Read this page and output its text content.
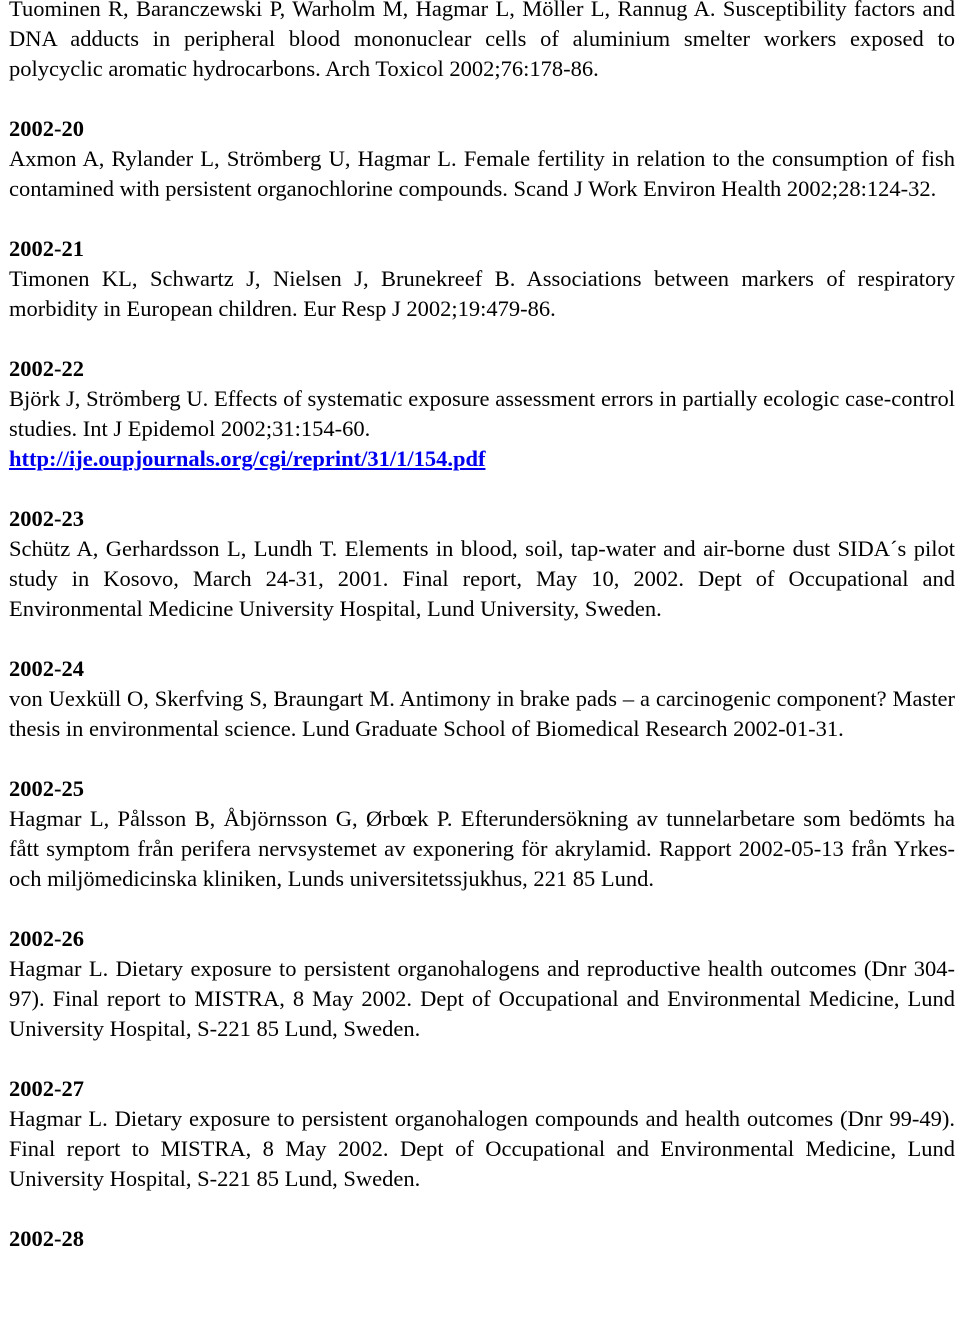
Tuominen R, Baranczewski P, Warholm M, Hagmar L, Möller L, Rannug A. Susceptibility factors and DNA adducts in peripheral blood mononuclear cells of aluminium smelter workers exposed to polycyclic aromatic hydrocarbons. Arch Toxicol 2002;76:178-86.

2002-20

Axmon A, Rylander L, Strömberg U, Hagmar L. Female fertility in relation to the consumption of fish contamined with persistent organochlorine compounds. Scand J Work Environ Health 2002;28:124-32.

2002-21

Timonen KL, Schwartz J, Nielsen J, Brunekreef B. Associations between markers of respiratory morbidity in European children. Eur Resp J 2002;19:479-86.

2002-22

Björk J, Strömberg U. Effects of systematic exposure assessment errors in partially ecologic case-control studies. Int J Epidemol 2002;31:154-60.
http://ije.oupjournals.org/cgi/reprint/31/1/154.pdf

2002-23

Schütz A, Gerhardsson L, Lundh T. Elements in blood, soil, tap-water and air-borne dust SIDA´s pilot study in Kosovo, March 24-31, 2001. Final report, May 10, 2002. Dept of Occupational and Environmental Medicine University Hospital, Lund University, Sweden.

2002-24

von Uexküll O, Skerfving S, Braungart M. Antimony in brake pads – a carcinogenic component? Master thesis in environmental science. Lund Graduate School of Biomedical Research 2002-01-31.

2002-25

Hagmar L, Pålsson B, Åbjörnsson G, Ørbœk P. Efterundersökning av tunnelarbetare som bedömts ha fått symptom från perifera nervsystemet av exponering för akrylamid. Rapport 2002-05-13 från Yrkes- och miljömedicinska kliniken, Lunds universitetssjukhus, 221 85 Lund.

2002-26

Hagmar L. Dietary exposure to persistent organohalogens and reproductive health outcomes (Dnr 304-97). Final report to MISTRA, 8 May 2002. Dept of Occupational and Environmental Medicine, Lund University Hospital, S-221 85 Lund, Sweden.

2002-27

Hagmar L. Dietary exposure to persistent organohalogen compounds and health outcomes (Dnr 99-49). Final report to MISTRA, 8 May 2002. Dept of Occupational and Environmental Medicine, Lund University Hospital, S-221 85 Lund, Sweden.

2002-28
